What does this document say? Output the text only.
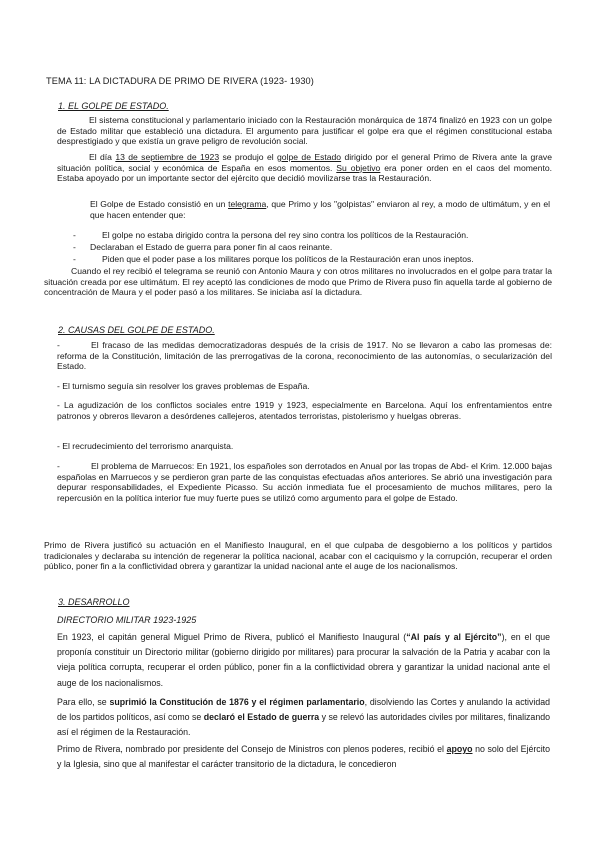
TEMA 11: LA DICTADURA DE PRIMO DE RIVERA (1923- 1930)

1. EL GOLPE DE ESTADO.

El sistema constitucional y parlamentario iniciado con la Restauración monárquica de 1874 finalizó en 1923 con un golpe de Estado militar que estableció una dictadura. El argumento para justificar el golpe era que el régimen constitucional estaba desprestigiado y que existía un grave peligro de revolución social.

El día 13 de septiembre de 1923 se produjo el golpe de Estado dirigido por el general Primo de Rivera ante la grave situación política, social y económica de España en esos momentos. Su objetivo era poner orden en el caos del momento. Estaba apoyado por un importante sector del ejército que decidió movilizarse tras la Restauración.

El Golpe de Estado consistió en un telegrama, que Primo y los "golpistas" enviaron al rey, a modo de ultimátum, y en el que hacen entender que:

-	El golpe no estaba dirigido contra la persona del rey sino contra los políticos de la Restauración.

- Declaraban el Estado de guerra para poner fin al caos reinante.

-	Piden que el poder pase a los militares porque los políticos de la Restauración eran unos ineptos.

Cuando el rey recibió el telegrama se reunió con Antonio Maura y con otros militares no involucrados en el golpe para tratar la situación creada por ese ultimátum. El rey aceptó las condiciones de modo que Primo de Rivera puso fin aquella tarde al gobierno de concentración de Maura y el poder pasó a los militares. Se iniciaba así la dictadura.

2. CAUSAS DEL GOLPE DE ESTADO.

-	El fracaso de las medidas democratizadoras después de la crisis de 1917. No se llevaron a cabo las promesas de: reforma de la Constitución, limitación de las prerrogativas de la corona, reconocimiento de las autonomías, o secularización del Estado.

- El turnismo seguía sin resolver los graves problemas de España.

- La agudización de los conflictos sociales entre 1919 y 1923, especialmente en Barcelona. Aquí los enfrentamientos entre patronos y obreros llevaron a desórdenes callejeros, atentados terroristas, pistolerismo y huelgas obreras.

- El recrudecimiento del terrorismo anarquista.

-	El problema de Marruecos: En 1921, los españoles son derrotados en Anual por las tropas de Abd- el Krim. 12.000 bajas españolas en Marruecos y se perdieron gran parte de las conquistas efectuadas años anteriores. Se abrió una investigación para depurar responsabilidades, el Expediente Picasso. Su acción inmediata fue el procesamiento de muchos militares, pero la repercusión en la política interior fue muy fuerte pues se utilizó como argumento para el golpe de Estado.

Primo de Rivera justificó su actuación en el Manifiesto Inaugural, en el que culpaba de desgobierno a los políticos y partidos tradicionales y declaraba su intención de regenerar la política nacional, acabar con el caciquismo y la corrupción, recuperar el orden público, poner fin a la conflictividad obrera y garantizar la unidad nacional ante el auge de los nacionalismos.

3. DESARROLLO

DIRECTORIO MILITAR 1923-1925

En 1923, el capitán general Miguel Primo de Rivera, publicó el Manifiesto Inaugural (“Al país y al Ejército”), en el que proponía constituir un Directorio militar (gobierno dirigido por militares) para procurar la salvación de la Patria y acabar con la vieja política corrupta, recuperar el orden público, poner fin a la conflictividad obrera y garantizar la unidad nacional ante el auge de los nacionalismos.

Para ello, se suprimió la Constitución de 1876 y el régimen parlamentario, disolviendo las Cortes y anulando la actividad de los partidos políticos, así como se declaró el Estado de guerra y se relevó las autoridades civiles por militares, finalizando así el régimen de la Restauración.

Primo de Rivera, nombrado por presidente del Consejo de Ministros con plenos poderes, recibió el apoyo no solo del Ejército y la Iglesia, sino que al manifestar el carácter transitorio de la dictadura, le concedieron
